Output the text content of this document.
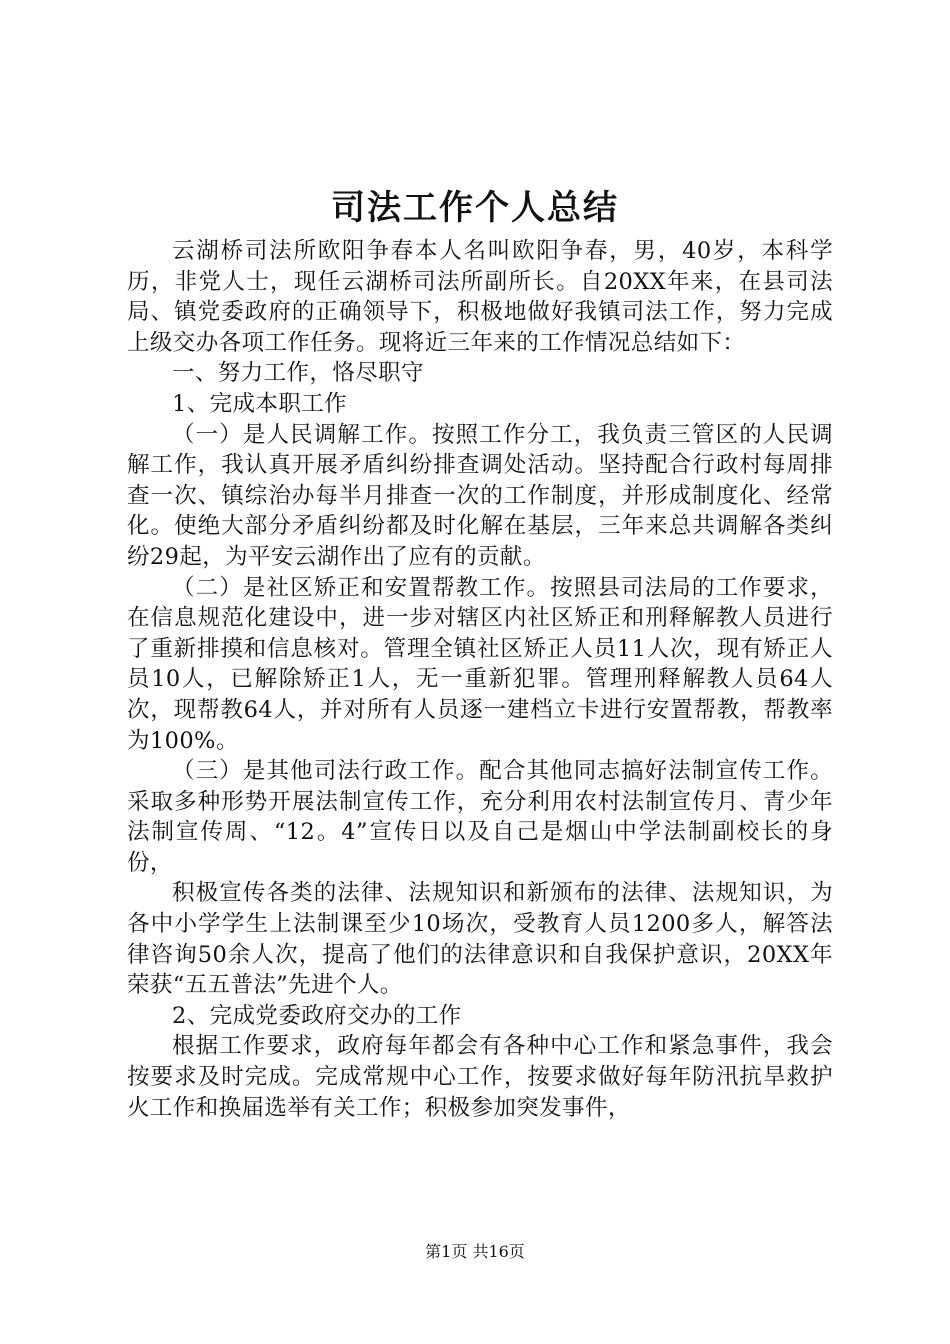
司法工作个人总结

云湖桥司法所欧阳争春本人名叫欧阳争春，男，40岁，本科学历，非党人士，现任云湖桥司法所副所长。自20XX年来，在县司法局、镇党委政府的正确领导下，积极地做好我镇司法工作，努力完成上级交办各项工作任务。现将近三年来的工作情况总结如下：

一、努力工作，恪尽职守

1、完成本职工作

（一）是人民调解工作。按照工作分工，我负责三管区的人民调解工作，我认真开展矛盾纠纷排查调处活动。坚持配合行政村每周排查一次、镇综治办每半月排查一次的工作制度，并形成制度化、经常化。使绝大部分矛盾纠纷都及时化解在基层，三年来总共调解各类纠纷29起，为平安云湖作出了应有的贡献。

（二）是社区矫正和安置帮教工作。按照县司法局的工作要求，在信息规范化建设中，进一步对辖区内社区矫正和刑释解教人员进行了重新排摸和信息核对。管理全镇社区矫正人员11人次，现有矫正人员10人，已解除矫正1人，无一重新犯罪。管理刑释解教人员64人次，现帮教64人，并对所有人员逐一建档立卡进行安置帮教，帮教率为100%。

（三）是其他司法行政工作。配合其他同志搞好法制宣传工作。采取多种形势开展法制宣传工作，充分利用农村法制宣传月、青少年法制宣传周、“12。4”宣传日以及自己是烟山中学法制副校长的身份，

积极宣传各类的法律、法规知识和新颁布的法律、法规知识，为各中小学学生上法制课至少10场次，受教育人员1200多人，解答法律咨询50余人次，提高了他们的法律意识和自我保护意识，20XX年荣获“五五普法”先进个人。

2、完成党委政府交办的工作

根据工作要求，政府每年都会有各种中心工作和紧急事件，我会按要求及时完成。完成常规中心工作，按要求做好每年防汛抗旱救护火工作和换届选举有关工作；积极参加突发事件，

第1页 共16页
